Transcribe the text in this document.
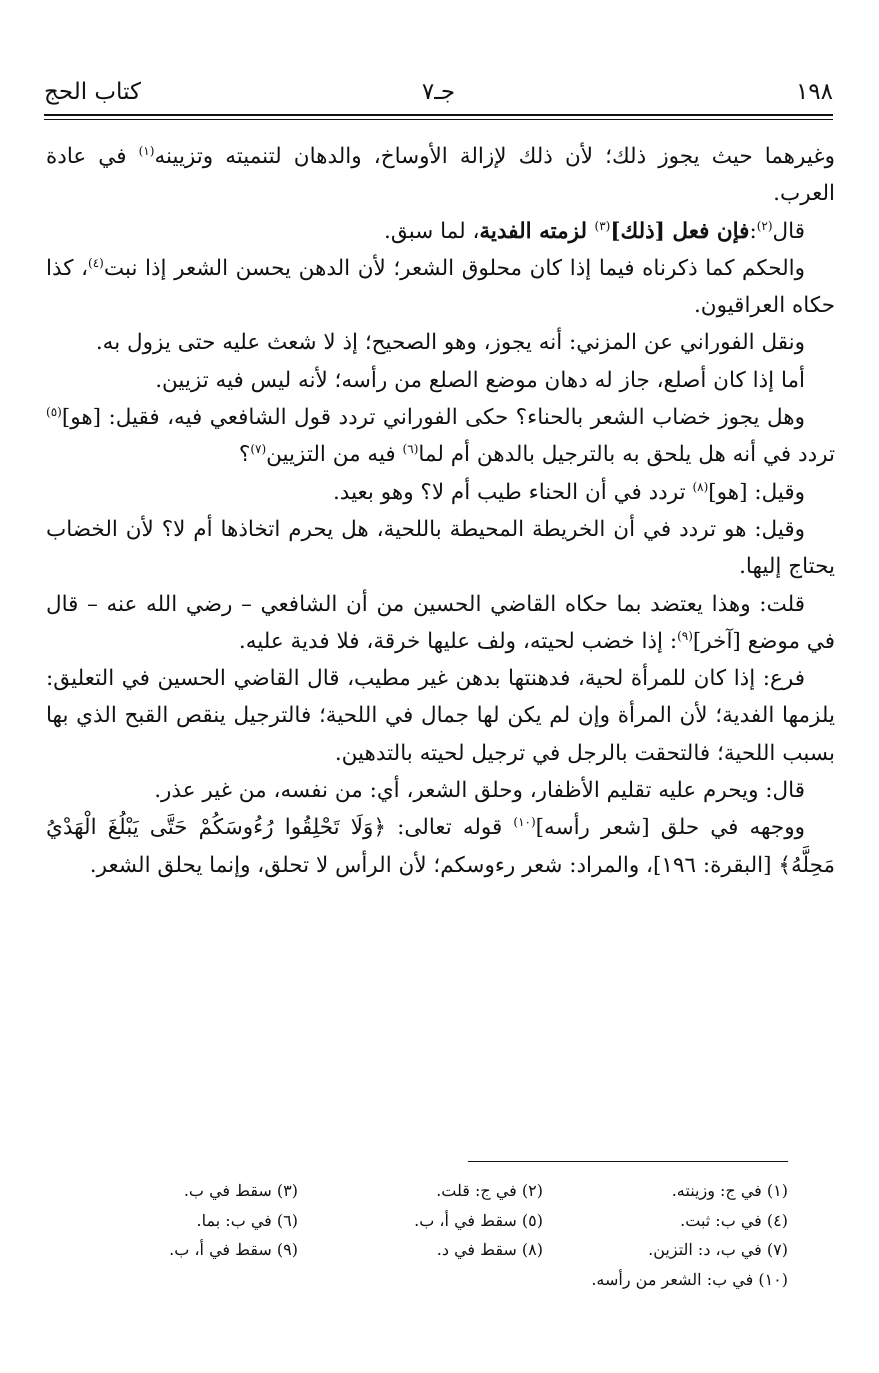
١٩٨
جـ٧
كتاب الحج

وغيرهما حيث يجوز ذلك؛ لأن ذلك لإزالة الأوساخ، والدهان لتنميته وتزيينه$^{(١)}$ في عادة العرب.

قال$^{(٢)}$:فإن فعل [ذلك]$^{(٣)}$ لزمته الفدية، لما سبق.

والحكم كما ذكرناه فيما إذا كان محلوق الشعر؛ لأن الدهن يحسن الشعر إذا نبت$^{(٤)}$، كذا حكاه العراقيون.

ونقل الفوراني عن المزني: أنه يجوز، وهو الصحيح؛ إذ لا شعث عليه حتى يزول به.

أما إذا كان أصلع، جاز له دهان موضع الصلع من رأسه؛ لأنه ليس فيه تزيين.

وهل يجوز خضاب الشعر بالحناء؟ حكى الفوراني تردد قول الشافعي فيه، فقيل: [هو]$^{(٥)}$ تردد في أنه هل يلحق به بالترجيل بالدهن أم لما$^{(٦)}$ فيه من التزيين$^{(٧)}$؟

وقيل: [هو]$^{(٨)}$ تردد في أن الحناء طيب أم لا؟ وهو بعيد.

وقيل: هو تردد في أن الخريطة المحيطة باللحية، هل يحرم اتخاذها أم لا؟ لأن الخضاب يحتاج إليها.

قلت: وهذا يعتضد بما حكاه القاضي الحسين من أن الشافعي – رضي الله عنه – قال في موضع [آخر]$^{(٩)}$: إذا خضب لحيته، ولف عليها خرقة، فلا فدية عليه.

فرع: إذا كان للمرأة لحية، فدهنتها بدهن غير مطيب، قال القاضي الحسين في التعليق: يلزمها الفدية؛ لأن المرأة وإن لم يكن لها جمال في اللحية؛ فالترجيل ينقص القبح الذي بها بسبب اللحية؛ فالتحقت بالرجل في ترجيل لحيته بالتدهين.

قال: ويحرم عليه تقليم الأظفار، وحلق الشعر، أي: من نفسه، من غير عذر.

ووجهه في حلق [شعر رأسه]$^{(١٠)}$ قوله تعالى: ﴿وَلَا تَحْلِقُوا رُءُوسَكُمْ حَتَّى يَبْلُغَ الْهَدْيُ مَحِلَّهُ﴾ [البقرة: ١٩٦]، والمراد: شعر رءوسكم؛ لأن الرأس لا تحلق، وإنما يحلق الشعر.

(١) في ج: وزينته.
(٢) في ج: قلت.
(٣) سقط في ب.
(٤) في ب: ثبت.
(٥) سقط في أ، ب.
(٦) في ب: بما.
(٧) في ب، د: التزين.
(٨) سقط في د.
(٩) سقط في أ، ب.
(١٠) في ب: الشعر من رأسه.
